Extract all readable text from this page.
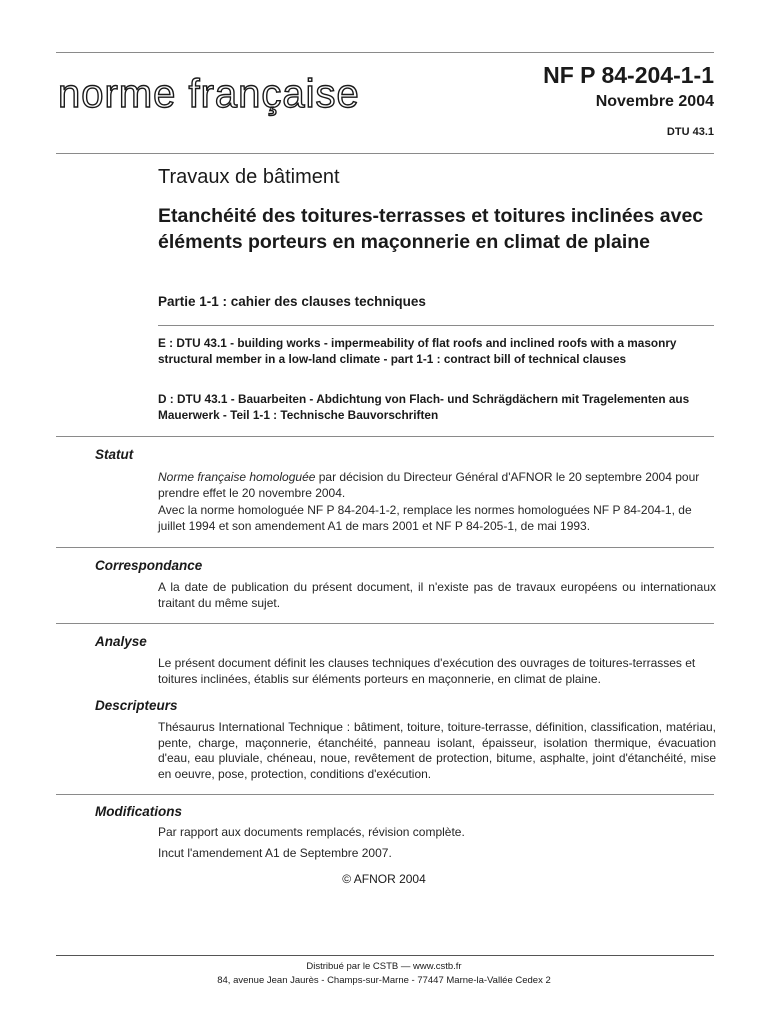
norme française	NF P 84-204-1-1
Novembre 2004
DTU 43.1
Travaux de bâtiment
Etanchéité des toitures-terrasses et toitures inclinées avec éléments porteurs en maçonnerie en climat de plaine
Partie 1-1 : cahier des clauses techniques
E : DTU 43.1 - building works - impermeability of flat roofs and inclined roofs with a masonry structural member in a low-land climate - part 1-1 : contract bill of technical clauses
D : DTU 43.1 - Bauarbeiten - Abdichtung von Flach- und Schrägdächern mit Tragelementen aus Mauerwerk - Teil 1-1 : Technische Bauvorschriften
Statut

Norme française homologuée par décision du Directeur Général d'AFNOR le 20 septembre 2004 pour prendre effet le 20 novembre 2004.

Avec la norme homologuée NF P 84-204-1-2, remplace les normes homologuées NF P 84-204-1, de juillet 1994 et son amendement A1 de mars 2001 et NF P 84-205-1, de mai 1993.

Correspondance
A la date de publication du présent document, il n'existe pas de travaux européens ou internationaux traitant du même sujet.
Analyse
Le présent document définit les clauses techniques d'exécution des ouvrages de toitures-terrasses et toitures inclinées, établis sur éléments porteurs en maçonnerie, en climat de plaine.
Descripteurs
Thésaurus International Technique : bâtiment, toiture, toiture-terrasse, définition, classification, matériau, pente, charge, maçonnerie, étanchéité, panneau isolant, épaisseur, isolation thermique, évacuation d'eau, eau pluviale, chéneau, noue, revêtement de protection, bitume, asphalte, joint d'étanchéité, mise en oeuvre, pose, protection, conditions d'exécution.
Modifications

Par rapport aux documents remplacés, révision complète.

Incut l'amendement A1 de Septembre 2007.

© AFNOR 2004
Distribué par le CSTB — www.cstb.fr
84, avenue Jean Jaurès - Champs-sur-Marne - 77447 Marne-la-Vallée Cedex 2
